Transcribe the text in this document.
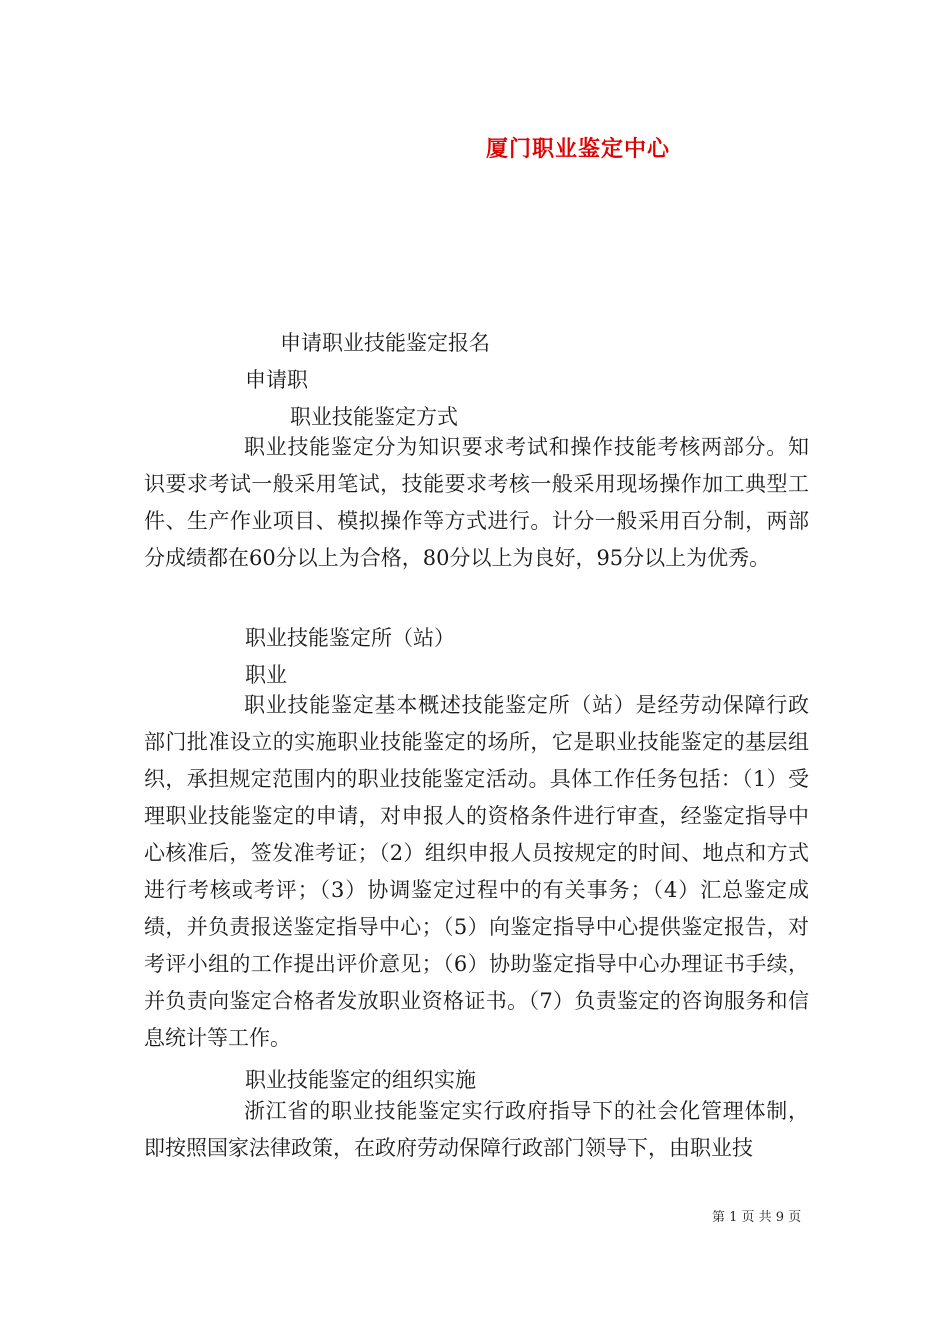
厦门职业鉴定中心
申请职业技能鉴定报名
申请职
职业技能鉴定方式
职业技能鉴定分为知识要求考试和操作技能考核两部分。知识要求考试一般采用笔试，技能要求考核一般采用现场操作加工典型工件、生产作业项目、模拟操作等方式进行。计分一般采用百分制，两部分成绩都在60分以上为合格，80分以上为良好，95分以上为优秀。
职业技能鉴定所（站）
职业
职业技能鉴定基本概述技能鉴定所（站）是经劳动保障行政部门批准设立的实施职业技能鉴定的场所，它是职业技能鉴定的基层组织，承担规定范围内的职业技能鉴定活动。具体工作任务包括：（1）受理职业技能鉴定的申请，对申报人的资格条件进行审查，经鉴定指导中心核准后，签发准考证；（2）组织申报人员按规定的时间、地点和方式进行考核或考评；（3）协调鉴定过程中的有关事务；（4）汇总鉴定成绩，并负责报送鉴定指导中心；（5）向鉴定指导中心提供鉴定报告，对考评小组的工作提出评价意见；（6）协助鉴定指导中心办理证书手续，并负责向鉴定合格者发放职业资格证书。（7）负责鉴定的咨询服务和信息统计等工作。
职业技能鉴定的组织实施
浙江省的职业技能鉴定实行政府指导下的社会化管理体制，即按照国家法律政策，在政府劳动保障行政部门领导下，由职业技
第 1 页 共 9 页
